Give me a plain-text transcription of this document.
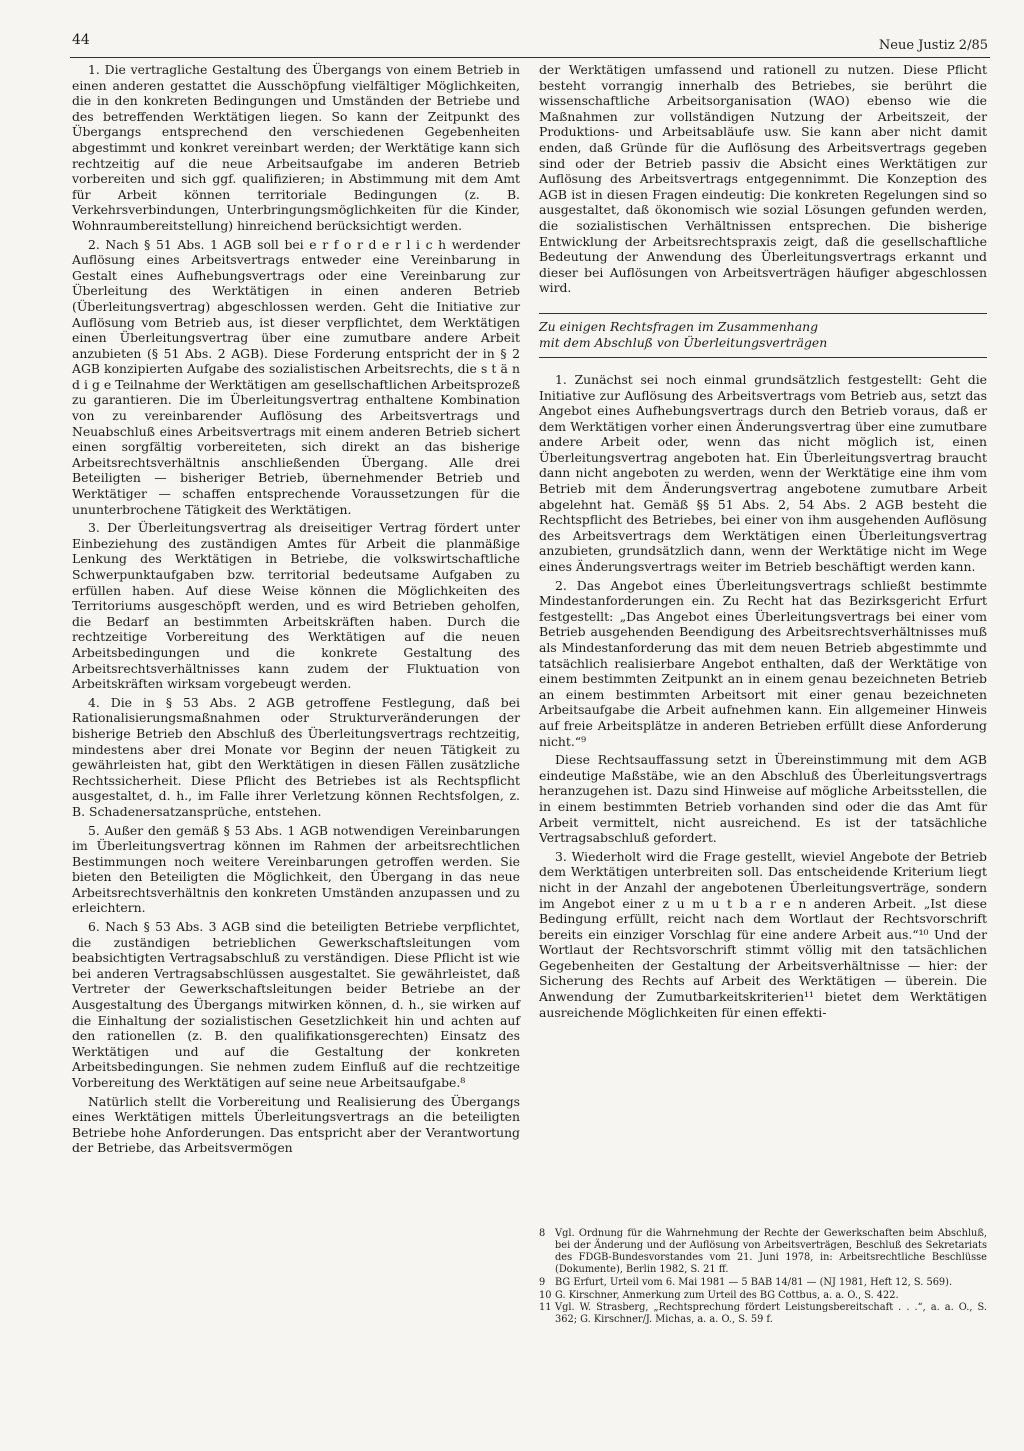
44	Neue Justiz 2/85

1. Die vertragliche Gestaltung des Übergangs von einem Betrieb in einen anderen gestattet die Ausschöpfung vielfältiger Möglichkeiten, die in den konkreten Bedingungen und Umständen der Betriebe und des betreffenden Werktätigen liegen. So kann der Zeitpunkt des Übergangs entsprechend den verschiedenen Gegebenheiten abgestimmt und konkret vereinbart werden; der Werktätige kann sich rechtzeitig auf die neue Arbeitsaufgabe im anderen Betrieb vorbereiten und sich ggf. qualifizieren; in Abstimmung mit dem Amt für Arbeit können territoriale Bedingungen (z. B. Verkehrsverbindungen, Unterbringungsmöglichkeiten für die Kinder, Wohnraumbereitstellung) hinreichend berücksichtigt werden.

2. Nach § 51 Abs. 1 AGB soll bei e r f o r d e r l i c h werdender Auflösung eines Arbeitsvertrags entweder eine Vereinbarung in Gestalt eines Aufhebungsvertrags oder eine Vereinbarung zur Überleitung des Werktätigen in einen anderen Betrieb (Überleitungsvertrag) abgeschlossen werden. Geht die Initiative zur Auflösung vom Betrieb aus, ist dieser verpflichtet, dem Werktätigen einen Überleitungsvertrag über eine zumutbare andere Arbeit anzubieten (§ 51 Abs. 2 AGB). Diese Forderung entspricht der in § 2 AGB konzipierten Aufgabe des sozialistischen Arbeitsrechts, die s t ä n d i g e Teilnahme der Werktätigen am gesellschaftlichen Arbeitsprozeß zu garantieren. Die im Überleitungsvertrag enthaltene Kombination von zu vereinbarender Auflösung des Arbeitsvertrags und Neuabschluß eines Arbeitsvertrags mit einem anderen Betrieb sichert einen sorgfältig vorbereiteten, sich direkt an das bisherige Arbeitsrechtsverhältnis anschließenden Übergang. Alle drei Beteiligten — bisheriger Betrieb, übernehmender Betrieb und Werktätiger — schaffen entsprechende Voraussetzungen für die ununterbrochene Tätigkeit des Werktätigen.

3. Der Überleitungsvertrag als dreiseitiger Vertrag fördert unter Einbeziehung des zuständigen Amtes für Arbeit die planmäßige Lenkung des Werktätigen in Betriebe, die volkswirtschaftliche Schwerpunktaufgaben bzw. territorial bedeutsame Aufgaben zu erfüllen haben. Auf diese Weise können die Möglichkeiten des Territoriums ausgeschöpft werden, und es wird Betrieben geholfen, die Bedarf an bestimmten Arbeitskräften haben. Durch die rechtzeitige Vorbereitung des Werktätigen auf die neuen Arbeitsbedingungen und die konkrete Gestaltung des Arbeitsrechtsverhältnisses kann zudem der Fluktuation von Arbeitskräften wirksam vorgebeugt werden.

4. Die in § 53 Abs. 2 AGB getroffene Festlegung, daß bei Rationalisierungsmaßnahmen oder Strukturveränderungen der bisherige Betrieb den Abschluß des Überleitungsvertrags rechtzeitig, mindestens aber drei Monate vor Beginn der neuen Tätigkeit zu gewährleisten hat, gibt den Werktätigen in diesen Fällen zusätzliche Rechtssicherheit. Diese Pflicht des Betriebes ist als Rechtspflicht ausgestaltet, d. h., im Falle ihrer Verletzung können Rechtsfolgen, z. B. Schadenersatzansprüche, entstehen.

5. Außer den gemäß § 53 Abs. 1 AGB notwendigen Vereinbarungen im Überleitungsvertrag können im Rahmen der arbeitsrechtlichen Bestimmungen noch weitere Vereinbarungen getroffen werden. Sie bieten den Beteiligten die Möglichkeit, den Übergang in das neue Arbeitsrechtsverhältnis den konkreten Umständen anzupassen und zu erleichtern.

6. Nach § 53 Abs. 3 AGB sind die beteiligten Betriebe verpflichtet, die zuständigen betrieblichen Gewerkschaftsleitungen vom beabsichtigten Vertragsabschluß zu verständigen. Diese Pflicht ist wie bei anderen Vertragsabschlüssen ausgestaltet. Sie gewährleistet, daß Vertreter der Gewerkschaftsleitungen beider Betriebe an der Ausgestaltung des Übergangs mitwirken können, d. h., sie wirken auf die Einhaltung der sozialistischen Gesetzlichkeit hin und achten auf den rationellen (z. B. den qualifikationsgerechten) Einsatz des Werktätigen und auf die Gestaltung der konkreten Arbeitsbedingungen. Sie nehmen zudem Einfluß auf die rechtzeitige Vorbereitung des Werktätigen auf seine neue Arbeitsaufgabe.⁸

Natürlich stellt die Vorbereitung und Realisierung des Übergangs eines Werktätigen mittels Überleitungsvertrags an die beteiligten Betriebe hohe Anforderungen. Das entspricht aber der Verantwortung der Betriebe, das Arbeitsvermögen

der Werktätigen umfassend und rationell zu nutzen. Diese Pflicht besteht vorrangig innerhalb des Betriebes, sie berührt die wissenschaftliche Arbeitsorganisation (WAO) ebenso wie die Maßnahmen zur vollständigen Nutzung der Arbeitszeit, der Produktions- und Arbeitsabläufe usw. Sie kann aber nicht damit enden, daß Gründe für die Auflösung des Arbeitsvertrags gegeben sind oder der Betrieb passiv die Absicht eines Werktätigen zur Auflösung des Arbeitsvertrags entgegennimmt. Die Konzeption des AGB ist in diesen Fragen eindeutig: Die konkreten Regelungen sind so ausgestaltet, daß ökonomisch wie sozial Lösungen gefunden werden, die sozialistischen Verhältnissen entsprechen. Die bisherige Entwicklung der Arbeitsrechtspraxis zeigt, daß die gesellschaftliche Bedeutung der Anwendung des Überleitungsvertrags erkannt und dieser bei Auflösungen von Arbeitsverträgen häufiger abgeschlossen wird.

Zu einigen Rechtsfragen im Zusammenhang
mit dem Abschluß von Überleitungsverträgen

1. Zunächst sei noch einmal grundsätzlich festgestellt: Geht die Initiative zur Auflösung des Arbeitsvertrags vom Betrieb aus, setzt das Angebot eines Aufhebungsvertrags durch den Betrieb voraus, daß er dem Werktätigen vorher einen Änderungsvertrag über eine zumutbare andere Arbeit oder, wenn das nicht möglich ist, einen Überleitungsvertrag angeboten hat. Ein Überleitungsvertrag braucht dann nicht angeboten zu werden, wenn der Werktätige eine ihm vom Betrieb mit dem Änderungsvertrag angebotene zumutbare Arbeit abgelehnt hat. Gemäß §§ 51 Abs. 2, 54 Abs. 2 AGB besteht die Rechtspflicht des Betriebes, bei einer von ihm ausgehenden Auflösung des Arbeitsvertrags dem Werktätigen einen Überleitungsvertrag anzubieten, grundsätzlich dann, wenn der Werktätige nicht im Wege eines Änderungsvertrags weiter im Betrieb beschäftigt werden kann.

2. Das Angebot eines Überleitungsvertrags schließt bestimmte Mindestanforderungen ein. Zu Recht hat das Bezirksgericht Erfurt festgestellt: „Das Angebot eines Überleitungsvertrags bei einer vom Betrieb ausgehenden Beendigung des Arbeitsrechtsverhältnisses muß als Mindestanforderung das mit dem neuen Betrieb abgestimmte und tatsächlich realisierbare Angebot enthalten, daß der Werktätige von einem bestimmten Zeitpunkt an in einem genau bezeichneten Betrieb an einem bestimmten Arbeitsort mit einer genau bezeichneten Arbeitsaufgabe die Arbeit aufnehmen kann. Ein allgemeiner Hinweis auf freie Arbeitsplätze in anderen Betrieben erfüllt diese Anforderung nicht.“⁹

Diese Rechtsauffassung setzt in Übereinstimmung mit dem AGB eindeutige Maßstäbe, wie an den Abschluß des Überleitungsvertrags heranzugehen ist. Dazu sind Hinweise auf mögliche Arbeitsstellen, die in einem bestimmten Betrieb vorhanden sind oder die das Amt für Arbeit vermittelt, nicht ausreichend. Es ist der tatsächliche Vertragsabschluß gefordert.

3. Wiederholt wird die Frage gestellt, wieviel Angebote der Betrieb dem Werktätigen unterbreiten soll. Das entscheidende Kriterium liegt nicht in der Anzahl der angebotenen Überleitungsverträge, sondern im Angebot einer z u m u t b a r e n anderen Arbeit. „Ist diese Bedingung erfüllt, reicht nach dem Wortlaut der Rechtsvorschrift bereits ein einziger Vorschlag für eine andere Arbeit aus.“¹⁰ Und der Wortlaut der Rechtsvorschrift stimmt völlig mit den tatsächlichen Gegebenheiten der Gestaltung der Arbeitsverhältnisse — hier: der Sicherung des Rechts auf Arbeit des Werktätigen — überein. Die Anwendung der Zumutbarkeitskriterien¹¹ bietet dem Werktätigen ausreichende Möglichkeiten für einen effekti-

8 Vgl. Ordnung für die Wahrnehmung der Rechte der Gewerkschaften beim Abschluß, bei der Änderung und der Auflösung von Arbeitsverträgen, Beschluß des Sekretariats des FDGB-Bundesvorstandes vom 21. Juni 1978, in: Arbeitsrechtliche Beschlüsse (Dokumente), Berlin 1982, S. 21 ff.
9 BG Erfurt, Urteil vom 6. Mai 1981 — 5 BAB 14/81 — (NJ 1981, Heft 12, S. 569).
10 G. Kirschner, Anmerkung zum Urteil des BG Cottbus, a. a. O., S. 422.
11 Vgl. W. Strasberg, „Rechtsprechung fördert Leistungsbereitschaft . . .“, a. a. O., S. 362; G. Kirschner/J. Michas, a. a. O., S. 59 f.
